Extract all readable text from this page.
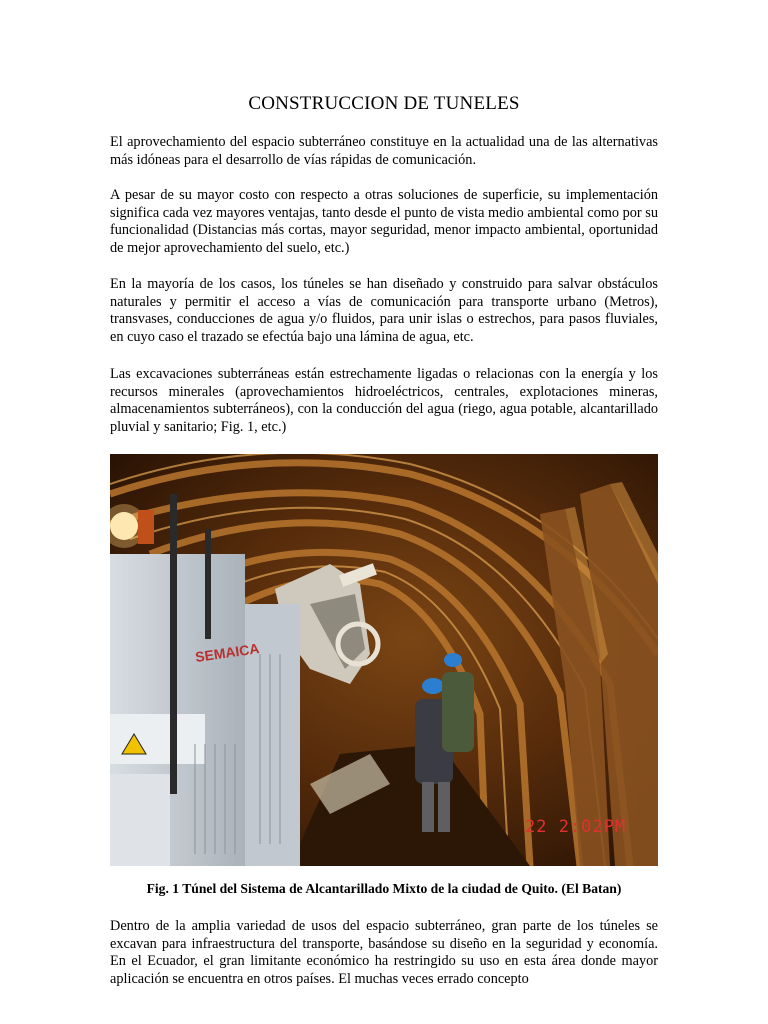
CONSTRUCCION DE TUNELES

El aprovechamiento del espacio subterráneo constituye en la actualidad una de las alternativas más idóneas para el desarrollo de vías rápidas de comunicación.

A pesar de su mayor costo con respecto a otras soluciones de superficie, su implementación significa cada vez mayores ventajas, tanto desde el punto de vista medio ambiental como por su funcionalidad (Distancias más cortas, mayor seguridad, menor impacto ambiental, oportunidad de mejor aprovechamiento del suelo, etc.)

En la mayoría de los casos, los túneles se han diseñado y construido para salvar obstáculos naturales y permitir el acceso a vías de comunicación para transporte urbano (Metros), transvases, conducciones de agua y/o fluidos, para unir islas o estrechos, para pasos fluviales, en cuyo caso el trazado se efectúa bajo una lámina de agua, etc.

Las excavaciones subterráneas están estrechamente ligadas o relacionas con la energía y los recursos minerales (aprovechamientos hidroeléctricos, centrales, explotaciones mineras, almacenamientos subterráneos), con la conducción del agua (riego, agua potable, alcantarillado pluvial y sanitario; Fig. 1, etc.)

SEMAICA
22 2:02PM
Fig. 1 Túnel del Sistema de Alcantarillado Mixto de la ciudad de Quito. (El Batan)

Dentro de la amplia variedad de usos del espacio subterráneo, gran parte de los túneles se excavan para infraestructura del transporte, basándose su diseño en la seguridad y economía. En el Ecuador, el gran limitante económico ha restringido su uso en esta área donde mayor aplicación se encuentra en otros países. El muchas veces errado concepto
